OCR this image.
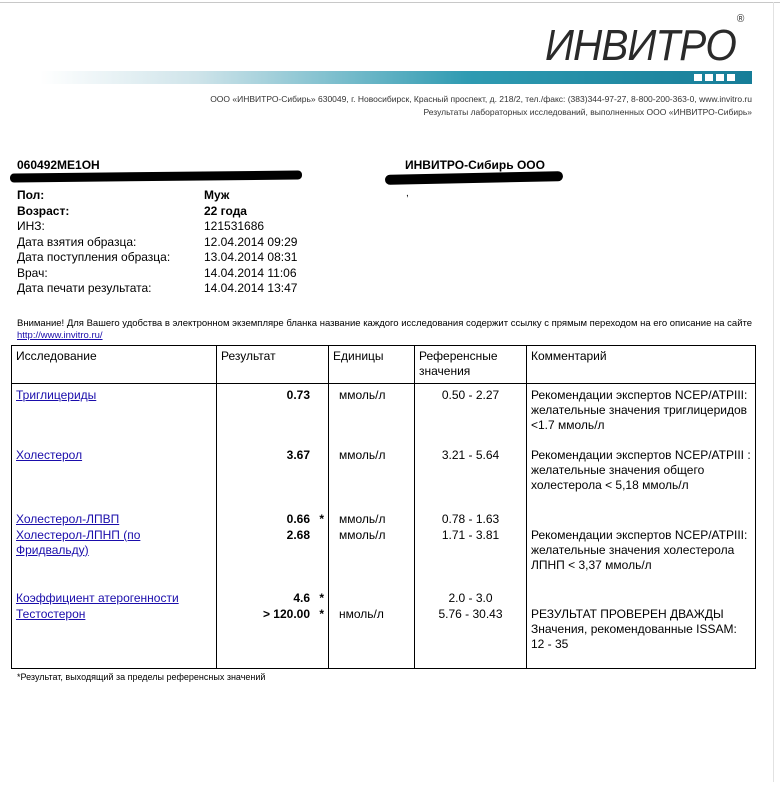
ИНВИТРО®
ООО «ИНВИТРО-Сибирь» 630049, г. Новосибирск, Красный проспект, д. 218/2, тел./факс: (383)344-97-27, 8-800-200-363-0, www.invitro.ru
Результаты лабораторных исследований, выполненных ООО «ИНВИТРО-Сибирь»
060492ME1OH	ИНВИТРО-Сибирь ООО
,
Пол:	Муж
Возраст:	22 года
ИНЗ:	121531686
Дата взятия образца:	12.04.2014 09:29
Дата поступления образца:	13.04.2014 08:31
Врач:	14.04.2014 11:06
Дата печати результата:	14.04.2014 13:47
Внимание! Для Вашего удобства в электронном экземпляре бланка название каждого исследования содержит ссылку с прямым переходом на его описание на сайте http://www.invitro.ru/
Исследование	Результат	Единицы	Референсные значения	Комментарий
Триглицериды	0.73	ммоль/л	0.50 - 2.27	Рекомендации экспертов NCEP/ATPIII: желательные значения триглицеридов <1.7 ммоль/л
Холестерол	3.67	ммоль/л	3.21 - 5.64	Рекомендации экспертов NCEP/ATPIII : желательные значения общего холестерола < 5,18 ммоль/л
Холестерол-ЛПВП	0.66 *	ммоль/л	0.78 - 1.63	
Холестерол-ЛПНП (по Фридвальду)	2.68	ммоль/л	1.71 - 3.81	Рекомендации экспертов NCEP/ATPIII: желательные значения холестерола ЛПНП < 3,37 ммоль/л
Коэффициент атерогенности	4.6 *		2.0 - 3.0	
Тестостерон	> 120.00 *	нмоль/л	5.76 - 30.43	РЕЗУЛЬТАТ ПРОВЕРЕН ДВАЖДЫ
Значения, рекомендованные ISSAM: 12 - 35
*Результат, выходящий за пределы референсных значений
